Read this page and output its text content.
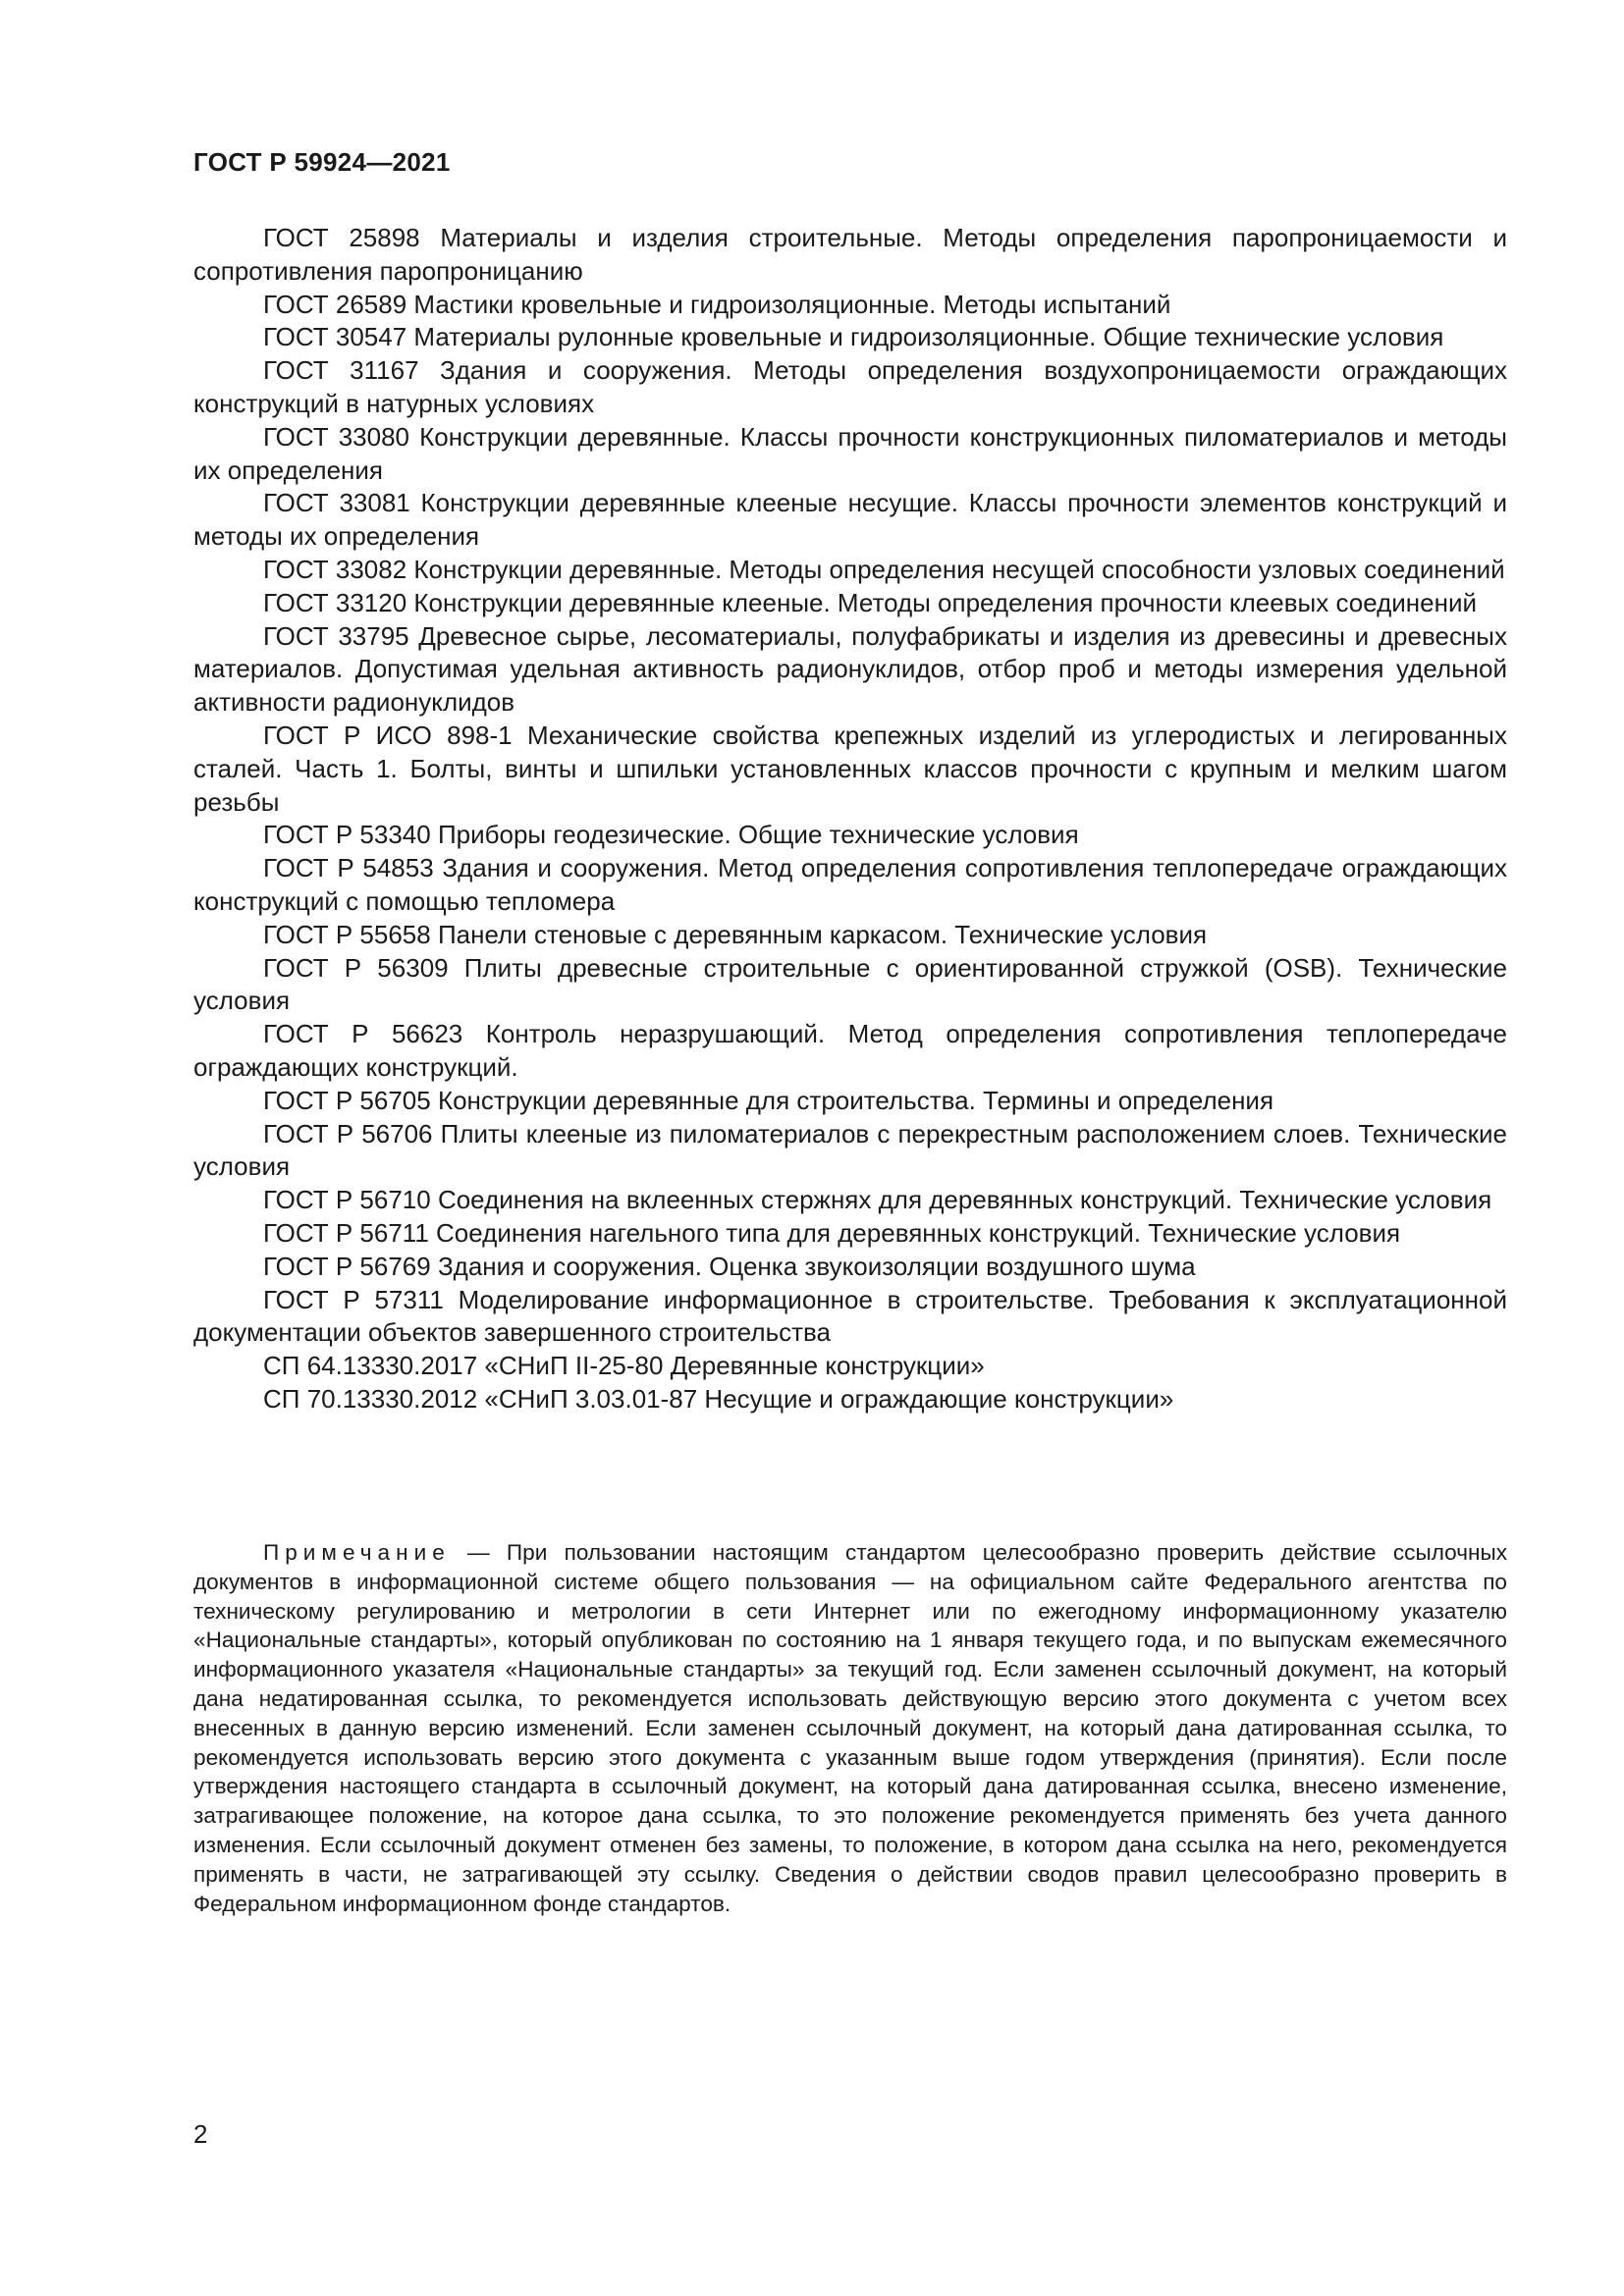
ГОСТ Р 59924—2021

ГОСТ 25898 Материалы и изделия строительные. Методы определения паропроницаемости и сопротивления паропроницанию

ГОСТ 26589 Мастики кровельные и гидроизоляционные. Методы испытаний

ГОСТ 30547 Материалы рулонные кровельные и гидроизоляционные. Общие технические условия

ГОСТ 31167 Здания и сооружения. Методы определения воздухопроницаемости ограждающих конструкций в натурных условиях

ГОСТ 33080 Конструкции деревянные. Классы прочности конструкционных пиломатериалов и методы их определения

ГОСТ 33081 Конструкции деревянные клееные несущие. Классы прочности элементов конструкций и методы их определения

ГОСТ 33082 Конструкции деревянные. Методы определения несущей способности узловых соединений

ГОСТ 33120 Конструкции деревянные клееные. Методы определения прочности клеевых соединений

ГОСТ 33795 Древесное сырье, лесоматериалы, полуфабрикаты и изделия из древесины и древесных материалов. Допустимая удельная активность радионуклидов, отбор проб и методы измерения удельной активности радионуклидов

ГОСТ Р ИСО 898-1 Механические свойства крепежных изделий из углеродистых и легированных сталей. Часть 1. Болты, винты и шпильки установленных классов прочности с крупным и мелким шагом резьбы

ГОСТ Р 53340 Приборы геодезические. Общие технические условия

ГОСТ Р 54853 Здания и сооружения. Метод определения сопротивления теплопередаче ограждающих конструкций с помощью тепломера

ГОСТ Р 55658 Панели стеновые с деревянным каркасом. Технические условия

ГОСТ Р 56309 Плиты древесные строительные с ориентированной стружкой (OSB). Технические условия

ГОСТ Р 56623 Контроль неразрушающий. Метод определения сопротивления теплопередаче ограждающих конструкций.

ГОСТ Р 56705 Конструкции деревянные для строительства. Термины и определения

ГОСТ Р 56706 Плиты клееные из пиломатериалов с перекрестным расположением слоев. Технические условия

ГОСТ Р 56710 Соединения на вклеенных стержнях для деревянных конструкций. Технические условия

ГОСТ Р 56711 Соединения нагельного типа для деревянных конструкций. Технические условия

ГОСТ Р 56769 Здания и сооружения. Оценка звукоизоляции воздушного шума

ГОСТ Р 57311 Моделирование информационное в строительстве. Требования к эксплуатационной документации объектов завершенного строительства

СП 64.13330.2017 «СНиП II-25-80 Деревянные конструкции»

СП 70.13330.2012 «СНиП 3.03.01-87 Несущие и ограждающие конструкции»

Примечание — При пользовании настоящим стандартом целесообразно проверить действие ссылочных документов в информационной системе общего пользования — на официальном сайте Федерального агентства по техническому регулированию и метрологии в сети Интернет или по ежегодному информационному указателю «Национальные стандарты», который опубликован по состоянию на 1 января текущего года, и по выпускам ежемесячного информационного указателя «Национальные стандарты» за текущий год. Если заменен ссылочный документ, на который дана недатированная ссылка, то рекомендуется использовать действующую версию этого документа с учетом всех внесенных в данную версию изменений. Если заменен ссылочный документ, на который дана датированная ссылка, то рекомендуется использовать версию этого документа с указанным выше годом утверждения (принятия). Если после утверждения настоящего стандарта в ссылочный документ, на который дана датированная ссылка, внесено изменение, затрагивающее положение, на которое дана ссылка, то это положение рекомендуется применять без учета данного изменения. Если ссылочный документ отменен без замены, то положение, в котором дана ссылка на него, рекомендуется применять в части, не затрагивающей эту ссылку. Сведения о действии сводов правил целесообразно проверить в Федеральном информационном фонде стандартов.

2
